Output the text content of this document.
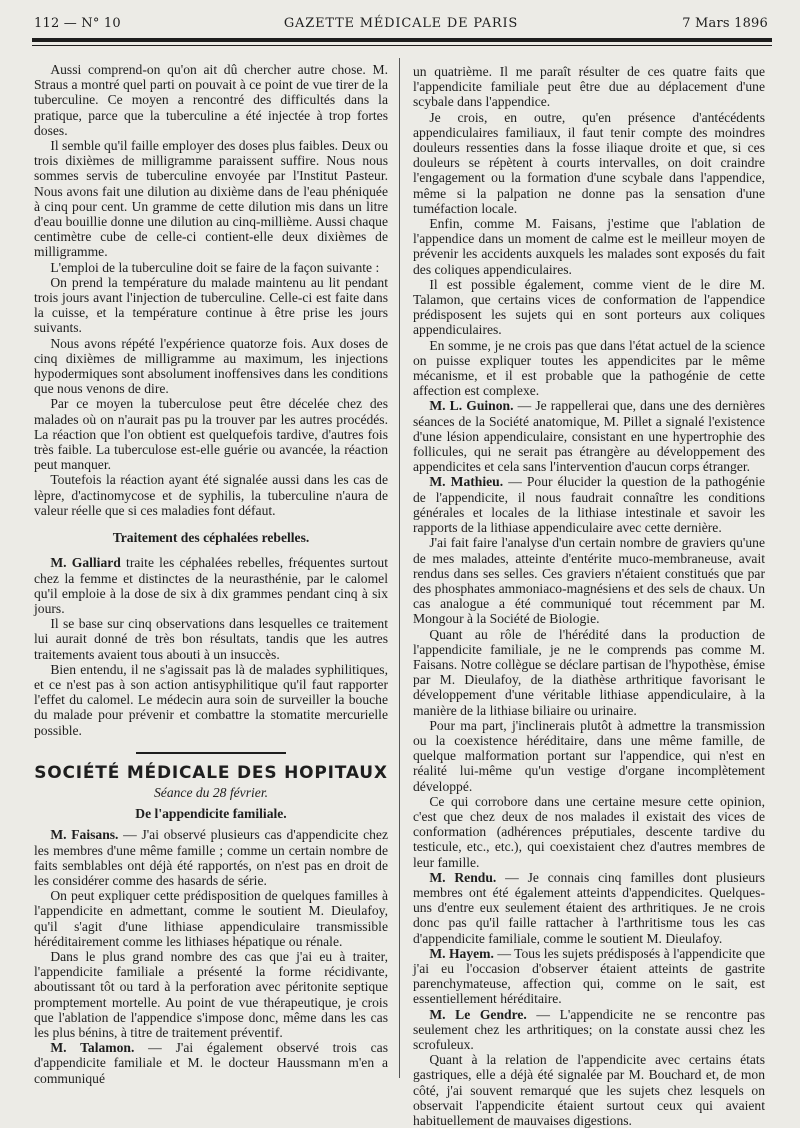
112 — N° 10	GAZETTE MÉDICALE DE PARIS	7 Mars 1896

Aussi comprend-on qu'on ait dû chercher autre chose. M. Straus a montré quel parti on pouvait à ce point de vue tirer de la tuberculine. Ce moyen a rencontré des difficultés dans la pratique, parce que la tuberculine a été injectée à trop fortes doses.

Il semble qu'il faille employer des doses plus faibles. Deux ou trois dixièmes de milligramme paraissent suffire. Nous nous sommes servis de tuberculine envoyée par l'Institut Pasteur. Nous avons fait une dilution au dixième dans de l'eau phéniquée à cinq pour cent. Un gramme de cette dilution mis dans un litre d'eau bouillie donne une dilution au cinq-millième. Aussi chaque centimètre cube de celle-ci contient-elle deux dixièmes de milligramme.

L'emploi de la tuberculine doit se faire de la façon suivante :

On prend la température du malade maintenu au lit pendant trois jours avant l'injection de tuberculine. Celle-ci est faite dans la cuisse, et la température continue à être prise les jours suivants.

Nous avons répété l'expérience quatorze fois. Aux doses de cinq dixièmes de milligramme au maximum, les injections hypodermiques sont absolument inoffensives dans les conditions que nous venons de dire.

Par ce moyen la tuberculose peut être décelée chez des malades où on n'aurait pas pu la trouver par les autres procédés. La réaction que l'on obtient est quelquefois tardive, d'autres fois très faible. La tuberculose est-elle guérie ou avancée, la réaction peut manquer.

Toutefois la réaction ayant été signalée aussi dans les cas de lèpre, d'actinomycose et de syphilis, la tuberculine n'aura de valeur réelle que si ces maladies font défaut.

Traitement des céphalées rebelles.

M. Galliard traite les céphalées rebelles, fréquentes surtout chez la femme et distinctes de la neurasthénie, par le calomel qu'il emploie à la dose de six à dix grammes pendant cinq à six jours.

Il se base sur cinq observations dans lesquelles ce traitement lui aurait donné de très bon résultats, tandis que les autres traitements avaient tous abouti à un insuccès.

Bien entendu, il ne s'agissait pas là de malades syphilitiques, et ce n'est pas à son action antisyphilitique qu'il faut rapporter l'effet du calomel. Le médecin aura soin de surveiller la bouche du malade pour prévenir et combattre la stomatite mercurielle possible.

SOCIÉTÉ MÉDICALE DES HOPITAUX
Séance du 28 février.
De l'appendicite familiale.

M. Faisans. — J'ai observé plusieurs cas d'appendicite chez les membres d'une même famille ; comme un certain nombre de faits semblables ont déjà été rapportés, on n'est pas en droit de les considérer comme des hasards de série.

On peut expliquer cette prédisposition de quelques familles à l'appendicite en admettant, comme le soutient M. Dieulafoy, qu'il s'agit d'une lithiase appendiculaire transmissible héréditairement comme les lithiases hépatique ou rénale.

Dans le plus grand nombre des cas que j'ai eu à traiter, l'appendicite familiale a présenté la forme récidivante, aboutissant tôt ou tard à la perforation avec péritonite septique promptement mortelle. Au point de vue thérapeutique, je crois que l'ablation de l'appendice s'impose donc, même dans les cas les plus bénins, à titre de traitement préventif.

M. Talamon. — J'ai également observé trois cas d'appendicite familiale et M. le docteur Haussmann m'en a communiqué

un quatrième. Il me paraît résulter de ces quatre faits que l'appendicite familiale peut être due au déplacement d'une scybale dans l'appendice.

Je crois, en outre, qu'en présence d'antécédents appendiculaires familiaux, il faut tenir compte des moindres douleurs ressenties dans la fosse iliaque droite et que, si ces douleurs se répètent à courts intervalles, on doit craindre l'engagement ou la formation d'une scybale dans l'appendice, même si la palpation ne donne pas la sensation d'une tuméfaction locale.

Enfin, comme M. Faisans, j'estime que l'ablation de l'appendice dans un moment de calme est le meilleur moyen de prévenir les accidents auxquels les malades sont exposés du fait des coliques appendiculaires.

Il est possible également, comme vient de le dire M. Talamon, que certains vices de conformation de l'appendice prédisposent les sujets qui en sont porteurs aux coliques appendiculaires.

En somme, je ne crois pas que dans l'état actuel de la science on puisse expliquer toutes les appendicites par le même mécanisme, et il est probable que la pathogénie de cette affection est complexe.

M. L. Guinon. — Je rappellerai que, dans une des dernières séances de la Société anatomique, M. Pillet a signalé l'existence d'une lésion appendiculaire, consistant en une hypertrophie des follicules, qui ne serait pas étrangère au développement des appendicites et cela sans l'intervention d'aucun corps étranger.

M. Mathieu. — Pour élucider la question de la pathogénie de l'appendicite, il nous faudrait connaître les conditions générales et locales de la lithiase intestinale et savoir les rapports de la lithiase appendiculaire avec cette dernière.

J'ai fait faire l'analyse d'un certain nombre de graviers qu'une de mes malades, atteinte d'entérite muco-membraneuse, avait rendus dans ses selles. Ces graviers n'étaient constitués que par des phosphates ammoniaco-magnésiens et des sels de chaux. Un cas analogue a été communiqué tout récemment par M. Mongour à la Société de Biologie.

Quant au rôle de l'hérédité dans la production de l'appendicite familiale, je ne le comprends pas comme M. Faisans. Notre collègue se déclare partisan de l'hypothèse, émise par M. Dieulafoy, de la diathèse arthritique favorisant le développement d'une véritable lithiase appendiculaire, à la manière de la lithiase biliaire ou urinaire.

Pour ma part, j'inclinerais plutôt à admettre la transmission ou la coexistence héréditaire, dans une même famille, de quelque malformation portant sur l'appendice, qui n'est en réalité lui-même qu'un vestige d'organe incomplètement développé.

Ce qui corrobore dans une certaine mesure cette opinion, c'est que chez deux de nos malades il existait des vices de conformation (adhérences préputiales, descente tardive du testicule, etc., etc.), qui coexistaient chez d'autres membres de leur famille.

M. Rendu. — Je connais cinq familles dont plusieurs membres ont été également atteints d'appendicites. Quelques-uns d'entre eux seulement étaient des arthritiques. Je ne crois donc pas qu'il faille rattacher à l'arthritisme tous les cas d'appendicite familiale, comme le soutient M. Dieulafoy.

M. Hayem. — Tous les sujets prédisposés à l'appendicite que j'ai eu l'occasion d'observer étaient atteints de gastrite parenchymateuse, affection qui, comme on le sait, est essentiellement héréditaire.

M. Le Gendre. — L'appendicite ne se rencontre pas seulement chez les arthritiques; on la constate aussi chez les scrofuleux.

Quant à la relation de l'appendicite avec certains états gastriques, elle a déjà été signalée par M. Bouchard et, de mon côté, j'ai souvent remarqué que les sujets chez lesquels on observait l'appendicite étaient surtout ceux qui avaient habituellement de mauvaises digestions.
